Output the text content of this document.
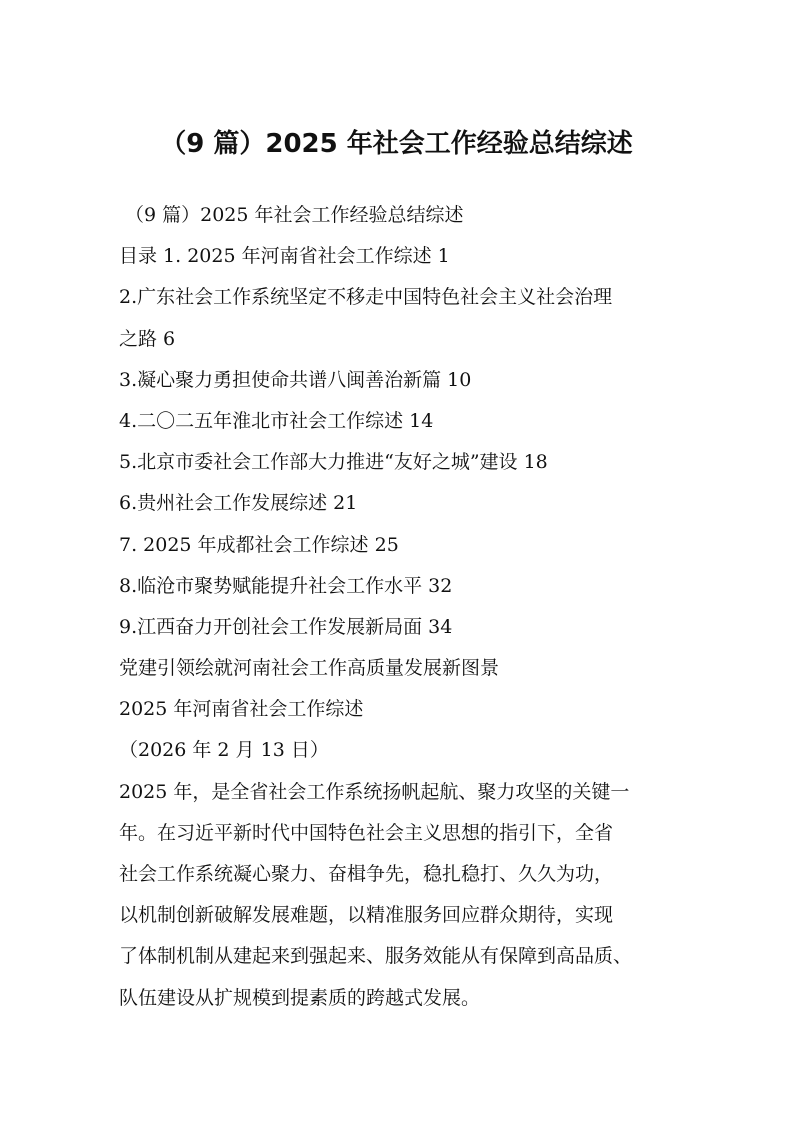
（9 篇）2025 年社会工作经验总结综述
（9 篇）2025 年社会工作经验总结综述
目录 1. 2025 年河南省社会工作综述 1
2.广东社会工作系统坚定不移走中国特色社会主义社会治理
之路 6
3.凝心聚力勇担使命共谱八闽善治新篇 10
4.二〇二五年淮北市社会工作综述 14
5.北京市委社会工作部大力推进“友好之城”建设 18
6.贵州社会工作发展综述 21
7. 2025 年成都社会工作综述 25
8.临沧市聚势赋能提升社会工作水平 32
9.江西奋力开创社会工作发展新局面 34
党建引领绘就河南社会工作高质量发展新图景
2025 年河南省社会工作综述
（2026 年 2 月 13 日）
2025 年，是全省社会工作系统扬帆起航、聚力攻坚的关键一
年。在习近平新时代中国特色社会主义思想的指引下，全省
社会工作系统凝心聚力、奋楫争先，稳扎稳打、久久为功，
以机制创新破解发展难题，以精准服务回应群众期待，实现
了体制机制从建起来到强起来、服务效能从有保障到高品质、
队伍建设从扩规模到提素质的跨越式发展。
